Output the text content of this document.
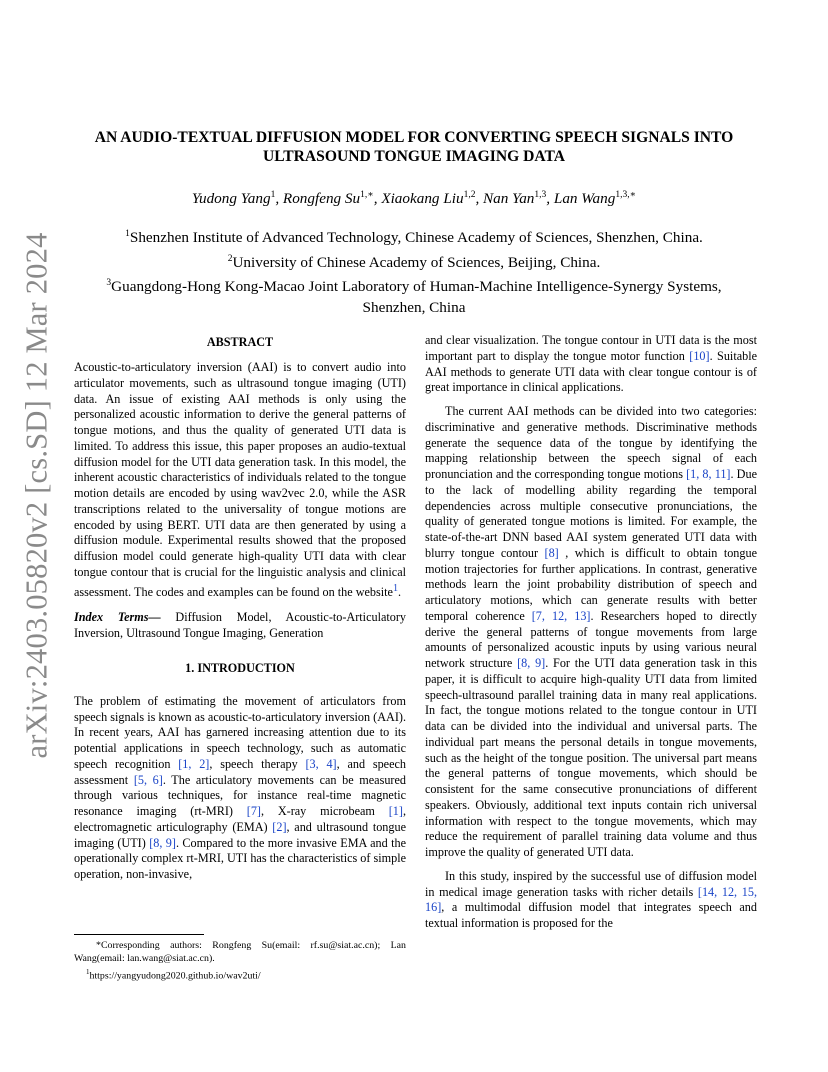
arXiv:2403.05820v2 [cs.SD] 12 Mar 2024
AN AUDIO-TEXTUAL DIFFUSION MODEL FOR CONVERTING SPEECH SIGNALS INTO
ULTRASOUND TONGUE IMAGING DATA
Yudong Yang$^1$, Rongfeng $Su^{1,∗}$, Xiaokang Liu$^{1,2}$, Nan Yan$^{1,3}$, Lan Wang$^{1,3,∗}$
$^1$Shenzhen Institute of Advanced Technology, Chinese Academy of Sciences, Shenzhen, China.
$^2$University of Chinese Academy of Sciences, Beijing, China.
$^3$Guangdong-Hong Kong-Macao Joint Laboratory of Human-Machine Intelligence-Synergy Systems,
Shenzhen, China
ABSTRACT

Acoustic-to-articulatory inversion (AAI) is to convert audio into articulator movements, such as ultrasound tongue imaging (UTI) data. An issue of existing AAI methods is only using the personalized acoustic information to derive the general patterns of tongue motions, and thus the quality of generated UTI data is limited. To address this issue, this paper proposes an audio-textual diffusion model for the UTI data generation task. In this model, the inherent acoustic characteristics of individuals related to the tongue motion details are encoded by using wav2vec 2.0, while the ASR transcriptions related to the universality of tongue motions are encoded by using BERT. UTI data are then generated by using a diffusion module. Experimental results showed that the proposed diffusion model could generate high-quality UTI data with clear tongue contour that is crucial for the linguistic analysis and clinical assessment. The codes and examples can be found on the website$^1$.

Index Terms— Diffusion Model, Acoustic-to-Articulatory Inversion, Ultrasound Tongue Imaging, Generation

1. INTRODUCTION

The problem of estimating the movement of articulators from speech signals is known as acoustic-to-articulatory inversion (AAI). In recent years, AAI has garnered increasing attention due to its potential applications in speech technology, such as automatic speech recognition [1, 2], speech therapy [3, 4], and speech assessment [5, 6]. The articulatory movements can be measured through various techniques, for instance real-time magnetic resonance imaging (rt-MRI) [7], X-ray microbeam [1], electromagnetic articulography (EMA) [2], and ultrasound tongue imaging (UTI) [8, 9]. Compared to the more invasive EMA and the operationally complex rt-MRI, UTI has the characteristics of simple operation, non-invasive,

*Corresponding authors: Rongfeng Su(email: rf.su@siat.ac.cn); Lan Wang(email: lan.wang@siat.ac.cn).

$^1$https://yangyudong2020.github.io/wav2uti/

and clear visualization. The tongue contour in UTI data is the most important part to display the tongue motor function [10]. Suitable AAI methods to generate UTI data with clear tongue contour is of great importance in clinical applications.

The current AAI methods can be divided into two categories: discriminative and generative methods. Discriminative methods generate the sequence data of the tongue by identifying the mapping relationship between the speech signal of each pronunciation and the corresponding tongue motions [1, 8, 11]. Due to the lack of modelling ability regarding the temporal dependencies across multiple consecutive pronunciations, the quality of generated tongue motions is limited. For example, the state-of-the-art DNN based AAI system generated UTI data with blurry tongue contour [8] , which is difficult to obtain tongue motion trajectories for further applications. In contrast, generative methods learn the joint probability distribution of speech and articulatory motions, which can generate results with better temporal coherence [7, 12, 13]. Researchers hoped to directly derive the general patterns of tongue movements from large amounts of personalized acoustic inputs by using various neural network structure [8, 9]. For the UTI data generation task in this paper, it is difficult to acquire high-quality UTI data from limited speech-ultrasound parallel training data in many real applications. In fact, the tongue motions related to the tongue contour in UTI data can be divided into the individual and universal parts. The individual part means the personal details in tongue movements, such as the height of the tongue position. The universal part means the general patterns of tongue movements, which should be consistent for the same consecutive pronunciations of different speakers. Obviously, additional text inputs contain rich universal information with respect to the tongue movements, which may reduce the requirement of parallel training data volume and thus improve the quality of generated UTI data.

In this study, inspired by the successful use of diffusion model in medical image generation tasks with richer details [14, 12, 15, 16], a multimodal diffusion model that integrates speech and textual information is proposed for the
